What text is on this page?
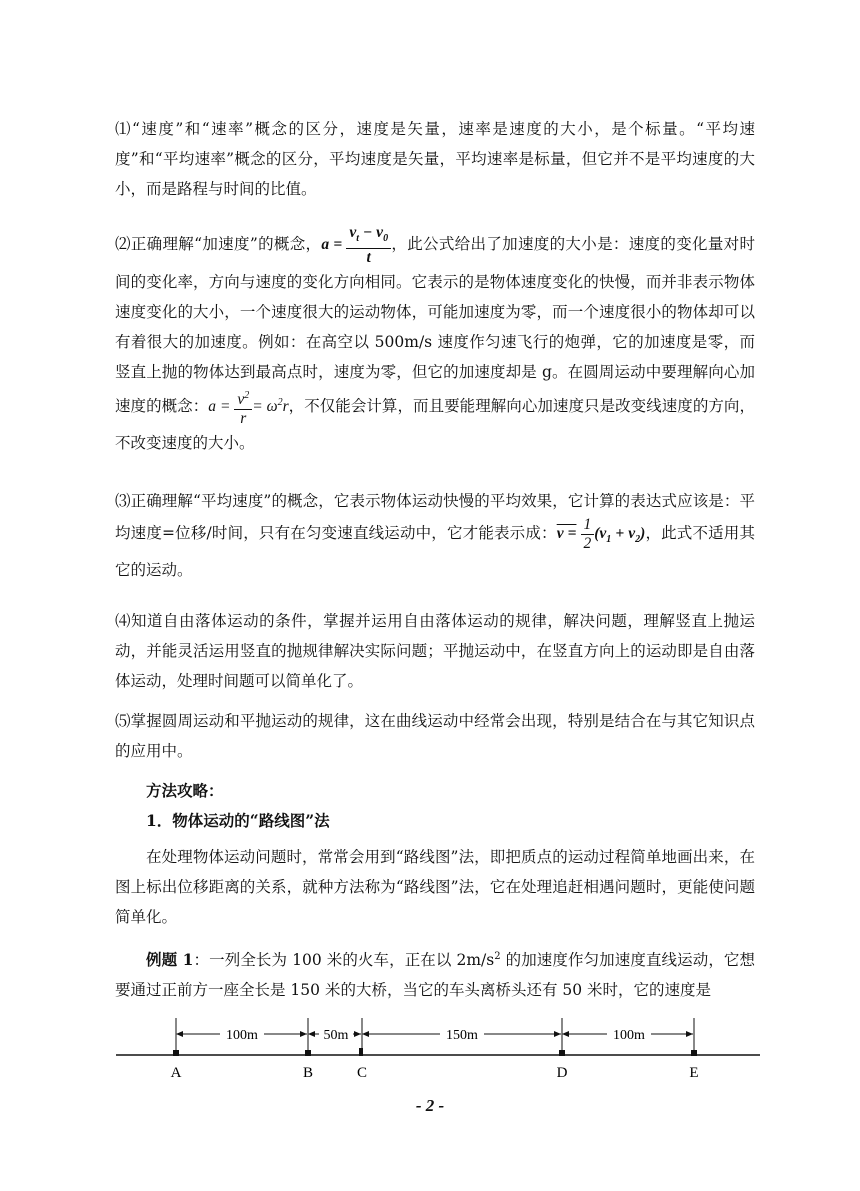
⑴“速度”和“速率”概念的区分，速度是矢量，速率是速度的大小，是个标量。“平均速度”和“平均速率”概念的区分，平均速度是矢量，平均速率是标量，但它并不是平均速度的大小，而是路程与时间的比值。

⑵正确理解“加速度”的概念，$a = \frac{v_t - v_0}{t}$ ，此公式给出了加速度的大小是：速度的变化量对时间的变化率，方向与速度的变化方向相同。它表示的是物体速度变化的快慢，而并非表示物体速度变化的大小，一个速度很大的运动物体，可能加速度为零，而一个速度很小的物体却可以有着很大的加速度。例如：在高空以 500m/s 速度作匀速飞行的炮弹，它的加速度是零，而竖直上抛的物体达到最高点时，速度为零，但它的加速度却是 g。在圆周运动中要理解向心加速度的概念：$a = \frac{v^2}{r} = \omega^2r$，不仅能会计算，而且要能理解向心加速度只是改变线速度的方向，不改变速度的大小。

⑶正确理解“平均速度”的概念，它表示物体运动快慢的平均效果，它计算的表达式应该是：平均速度=位移/时间，只有在匀变速直线运动中，它才能表示成：$v = \frac{1}{2} (v_1 + v_2)$，此式不适用其它的运动。

⑷知道自由落体运动的条件，掌握并运用自由落体运动的规律，解决问题，理解竖直上抛运动，并能灵活运用竖直的抛规律解决实际问题；平抛运动中，在竖直方向上的运动即是自由落体运动，处理时间题可以简单化了。

⑸掌握圆周运动和平抛运动的规律，这在曲线运动中经常会出现，特别是结合在与其它知识点的应用中。

方法攻略：

1．物体运动的“路线图”法

在处理物体运动问题时，常常会用到“路线图”法，即把质点的运动过程简单地画出来，在图上标出位移距离的关系，就种方法称为“路线图”法，它在处理追赶相遇问题时，更能使问题简单化。

例题 1：一列全长为 100 米的火车，正在以 $2m/s^2$ 的加速度作匀加速度直线运动，它想要通过正前方一座全长是 150 米的大桥，当它的车头离桥头还有 50 米时，它的速度是

100m	50m	150m	100m
A	B	C	D	E
- 2 -
